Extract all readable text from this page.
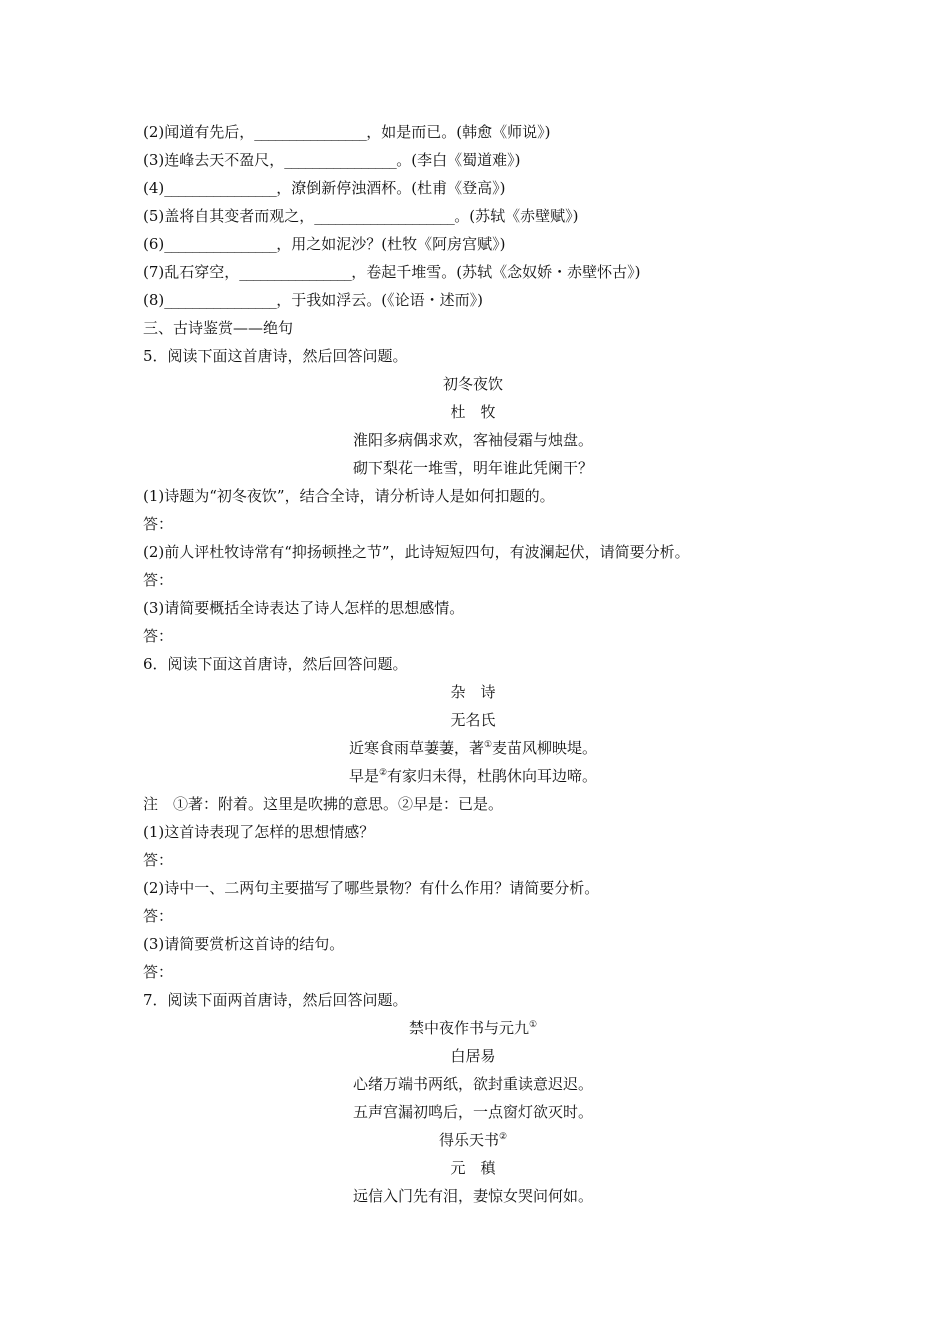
(2)闻道有先后，________________，如是而已。(韩愈《师说》)
(3)连峰去天不盈尺，________________。(李白《蜀道难》)
(4)________________，潦倒新停浊酒杯。(杜甫《登高》)
(5)盖将自其变者而观之，____________________。(苏轼《赤壁赋》)
(6)________________，用之如泥沙？(杜牧《阿房宫赋》)
(7)乱石穿空，________________，卷起千堆雪。(苏轼《念奴娇・赤壁怀古》)
(8)________________，于我如浮云。(《论语・述而》)
三、古诗鉴赏——绝句
5．阅读下面这首唐诗，然后回答问题。
初冬夜饮
杜　牧
淮阳多病偶求欢，客袖侵霜与烛盘。
砌下梨花一堆雪，明年谁此凭阑干？
(1)诗题为“初冬夜饮”，结合全诗，请分析诗人是如何扣题的。
答：
(2)前人评杜牧诗常有“抑扬顿挫之节”，此诗短短四句，有波澜起伏，请简要分析。
答：
(3)请简要概括全诗表达了诗人怎样的思想感情。
答：
6．阅读下面这首唐诗，然后回答问题。
杂　诗
无名氏
近寒食雨草萋萋，著①麦苗风柳映堤。
早是②有家归未得，杜鹃休向耳边啼。
注　①著：附着。这里是吹拂的意思。②早是：已是。
(1)这首诗表现了怎样的思想情感？
答：
(2)诗中一、二两句主要描写了哪些景物？有什么作用？请简要分析。
答：
(3)请简要赏析这首诗的结句。
答：
7．阅读下面两首唐诗，然后回答问题。
禁中夜作书与元九①
白居易
心绪万端书两纸，欲封重读意迟迟。
五声宫漏初鸣后，一点窗灯欲灭时。
得乐天书②
元　稹
远信入门先有泪，妻惊女哭问何如。
